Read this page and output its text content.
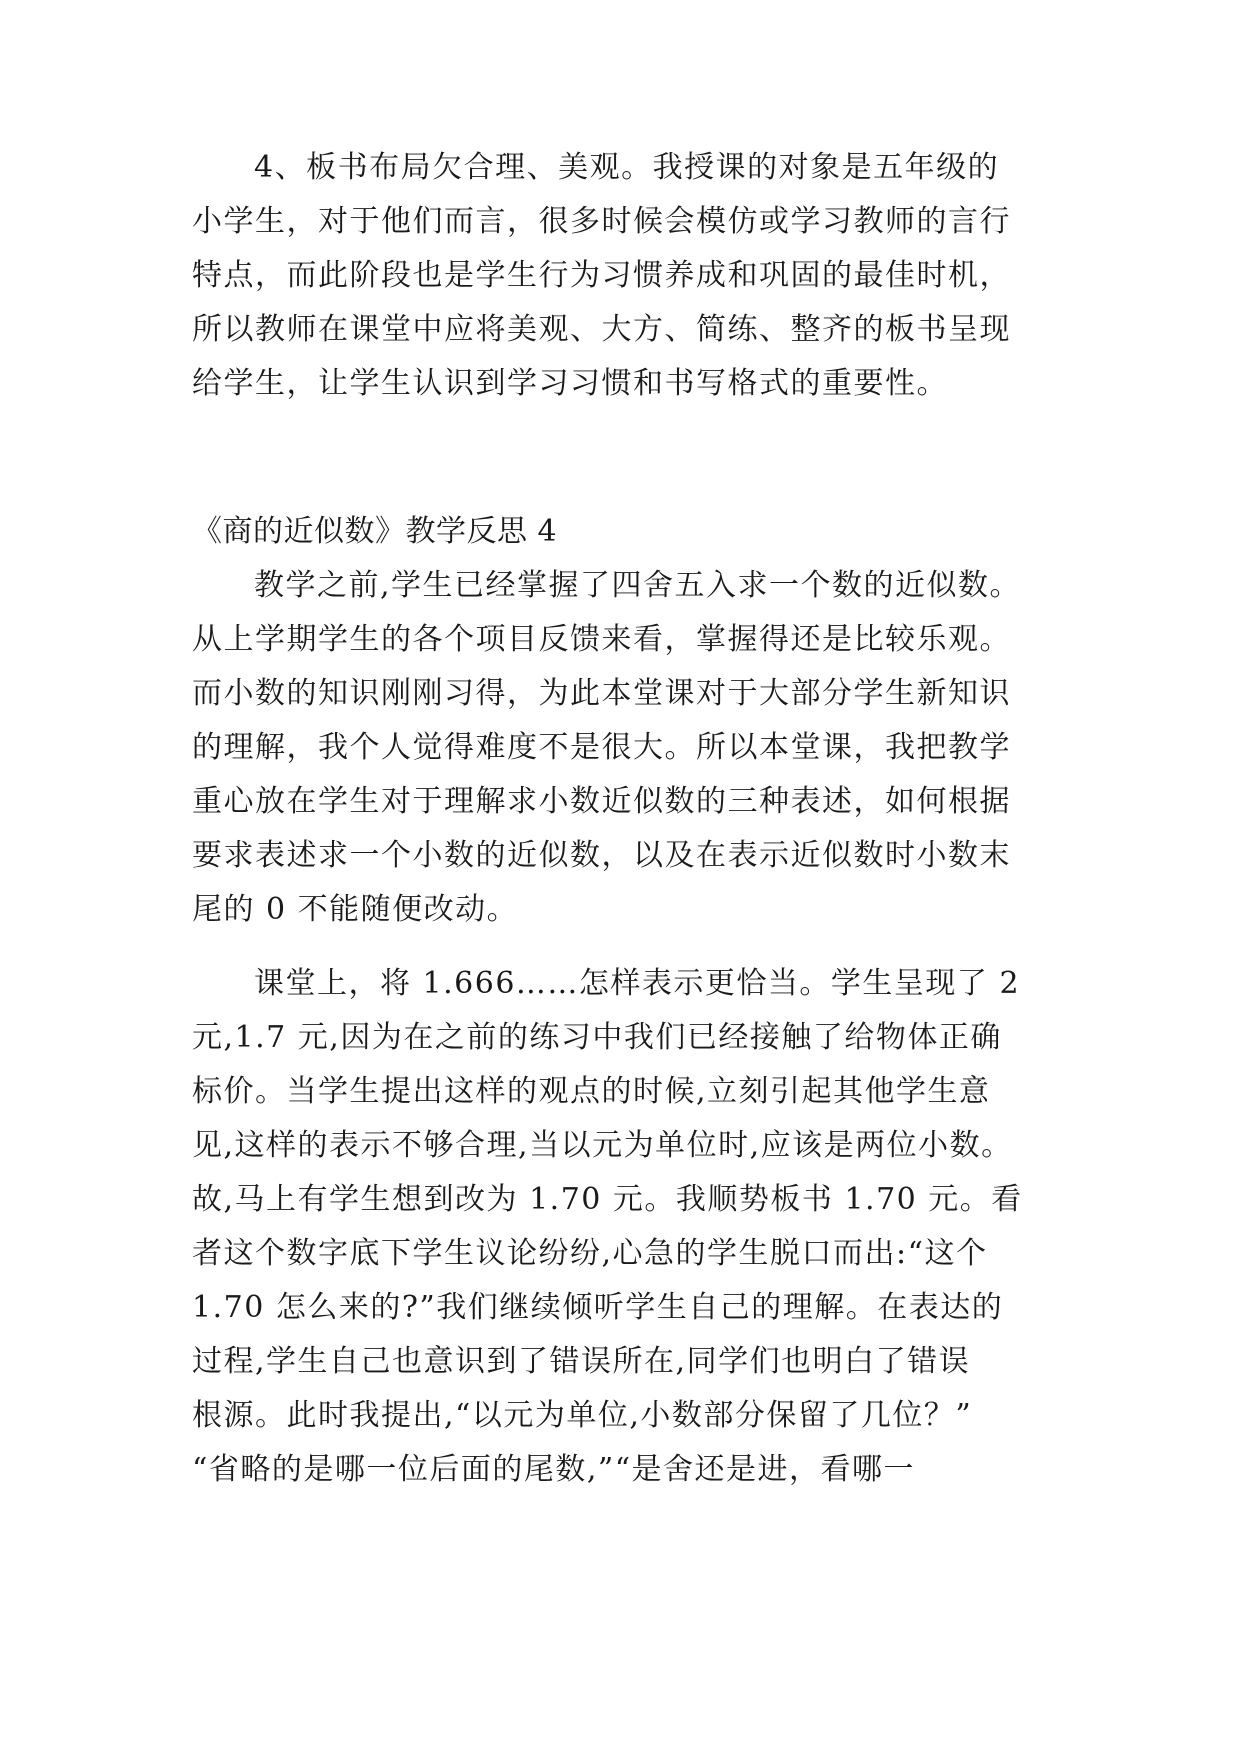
4、板书布局欠合理、美观。我授课的对象是五年级的
小学生，对于他们而言，很多时候会模仿或学习教师的言行
特点，而此阶段也是学生行为习惯养成和巩固的最佳时机，
所以教师在课堂中应将美观、大方、简练、整齐的板书呈现
给学生，让学生认识到学习习惯和书写格式的重要性。
《商的近似数》教学反思 4
教学之前,学生已经掌握了四舍五入求一个数的近似数。
从上学期学生的各个项目反馈来看，掌握得还是比较乐观。
而小数的知识刚刚习得，为此本堂课对于大部分学生新知识
的理解，我个人觉得难度不是很大。所以本堂课，我把教学
重心放在学生对于理解求小数近似数的三种表述，如何根据
要求表述求一个小数的近似数，以及在表示近似数时小数末
尾的 0 不能随便改动。
课堂上，将 1.666……怎样表示更恰当。学生呈现了 2
元,1.7 元,因为在之前的练习中我们已经接触了给物体正确
标价。当学生提出这样的观点的时候,立刻引起其他学生意
见,这样的表示不够合理,当以元为单位时,应该是两位小数。
故,马上有学生想到改为 1.70 元。我顺势板书 1.70 元。看
者这个数字底下学生议论纷纷,心急的学生脱口而出:“这个
1.70 怎么来的?”我们继续倾听学生自己的理解。在表达的
过程,学生自己也意识到了错误所在,同学们也明白了错误
根源。此时我提出,“以元为单位,小数部分保留了几位？”
“省略的是哪一位后面的尾数,”“是舍还是进，看哪一
